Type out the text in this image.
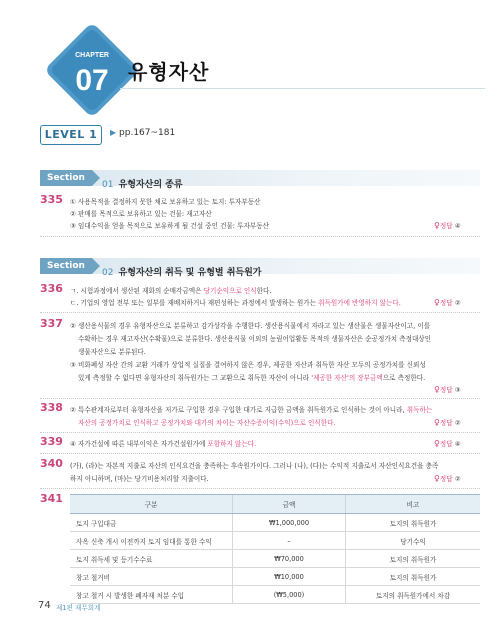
CHAPTER
07 유형자산
LEVEL 1	▶ pp.167~181
Section
01 유형자산의 종류
335 ① 사용목적을 결정하지 못한 채로 보유하고 있는 토지: 투자부동산
② 판매를 목적으로 보유하고 있는 건물: 재고자산
③ 임대수익을 얻을 목적으로 보유하게 될 건설 중인 건물: 투자부동산	♀정답 ④
Section
02 유형자산의 취득 및 유형별 취득원가
336 ㄱ. 시험과정에서 생산된 재화의 순매각금액은 당기순익으로 인식한다.
ㄷ. 기업의 영업 전부 또는 일부를 재배치하거나 재편성하는 과정에서 발생하는 원가는 취득원가에 반영하지 않는다.	♀정답 ②
337 ② 생산용식물의 경우 유형자산으로 분류하고 감가상각을 수행한다. 생산용식물에서 자라고 있는 생산물은 생물자산이고, 이를
수확하는 경우 재고자산(수확물)으로 분류한다. 생산용식물 이외의 농림어업활동 목적의 생물자산은 순공정가치 측정대상인
생물자산으로 분류된다.
③ 비화폐성 자산 간의 교환 거래가 상업적 실질을 결여하지 않은 경우, 제공한 자산과 취득한 자산 모두의 공정가치를 신뢰성
있게 측정할 수 없다면 유형자산의 취득원가는 그 교환으로 취득한 자산이 아니라 '제공한 자산'의 장부금액으로 측정한다.
♀정답 ③
338 ② 특수관계자로부터 유형자산을 저가로 구입한 경우 구입한 대가로 지급한 금액을 취득원가로 인식하는 것이 아니라, 취득하는
자산의 공정가치로 인식하고 공정가치와 대가의 차이는 자산수증이익(수익)으로 인식한다.	♀정답 ②
339 ④ 자가건설에 따른 내부이익은 자가건설원가에 포함하지 않는다.	♀정답 ④
340 (가), (라)는 자본적 지출로 자산의 인식요건을 충족하는 후속원가이다. 그러나 (나), (다)는 수익적 지출로서 자산인식요건을 충족
하지 아니하며, (마)는 당기비용처리할 지출이다.	♀정답 ②
341	구분	금액	비고
토지 구입대금	₩1,000,000	토지의 취득원가
사옥 신축 개시 이전까지 토지 임대를 통한 수익	–	당기수익
토지 취득세 및 등기수수료	₩70,000	토지의 취득원가
창고 철거비	₩10,000	토지의 취득원가
창고 철거 시 발생한 폐자재 처분 수입	(₩5,000)	토지의 취득원가에서 차감
74 제1편 재무회계
